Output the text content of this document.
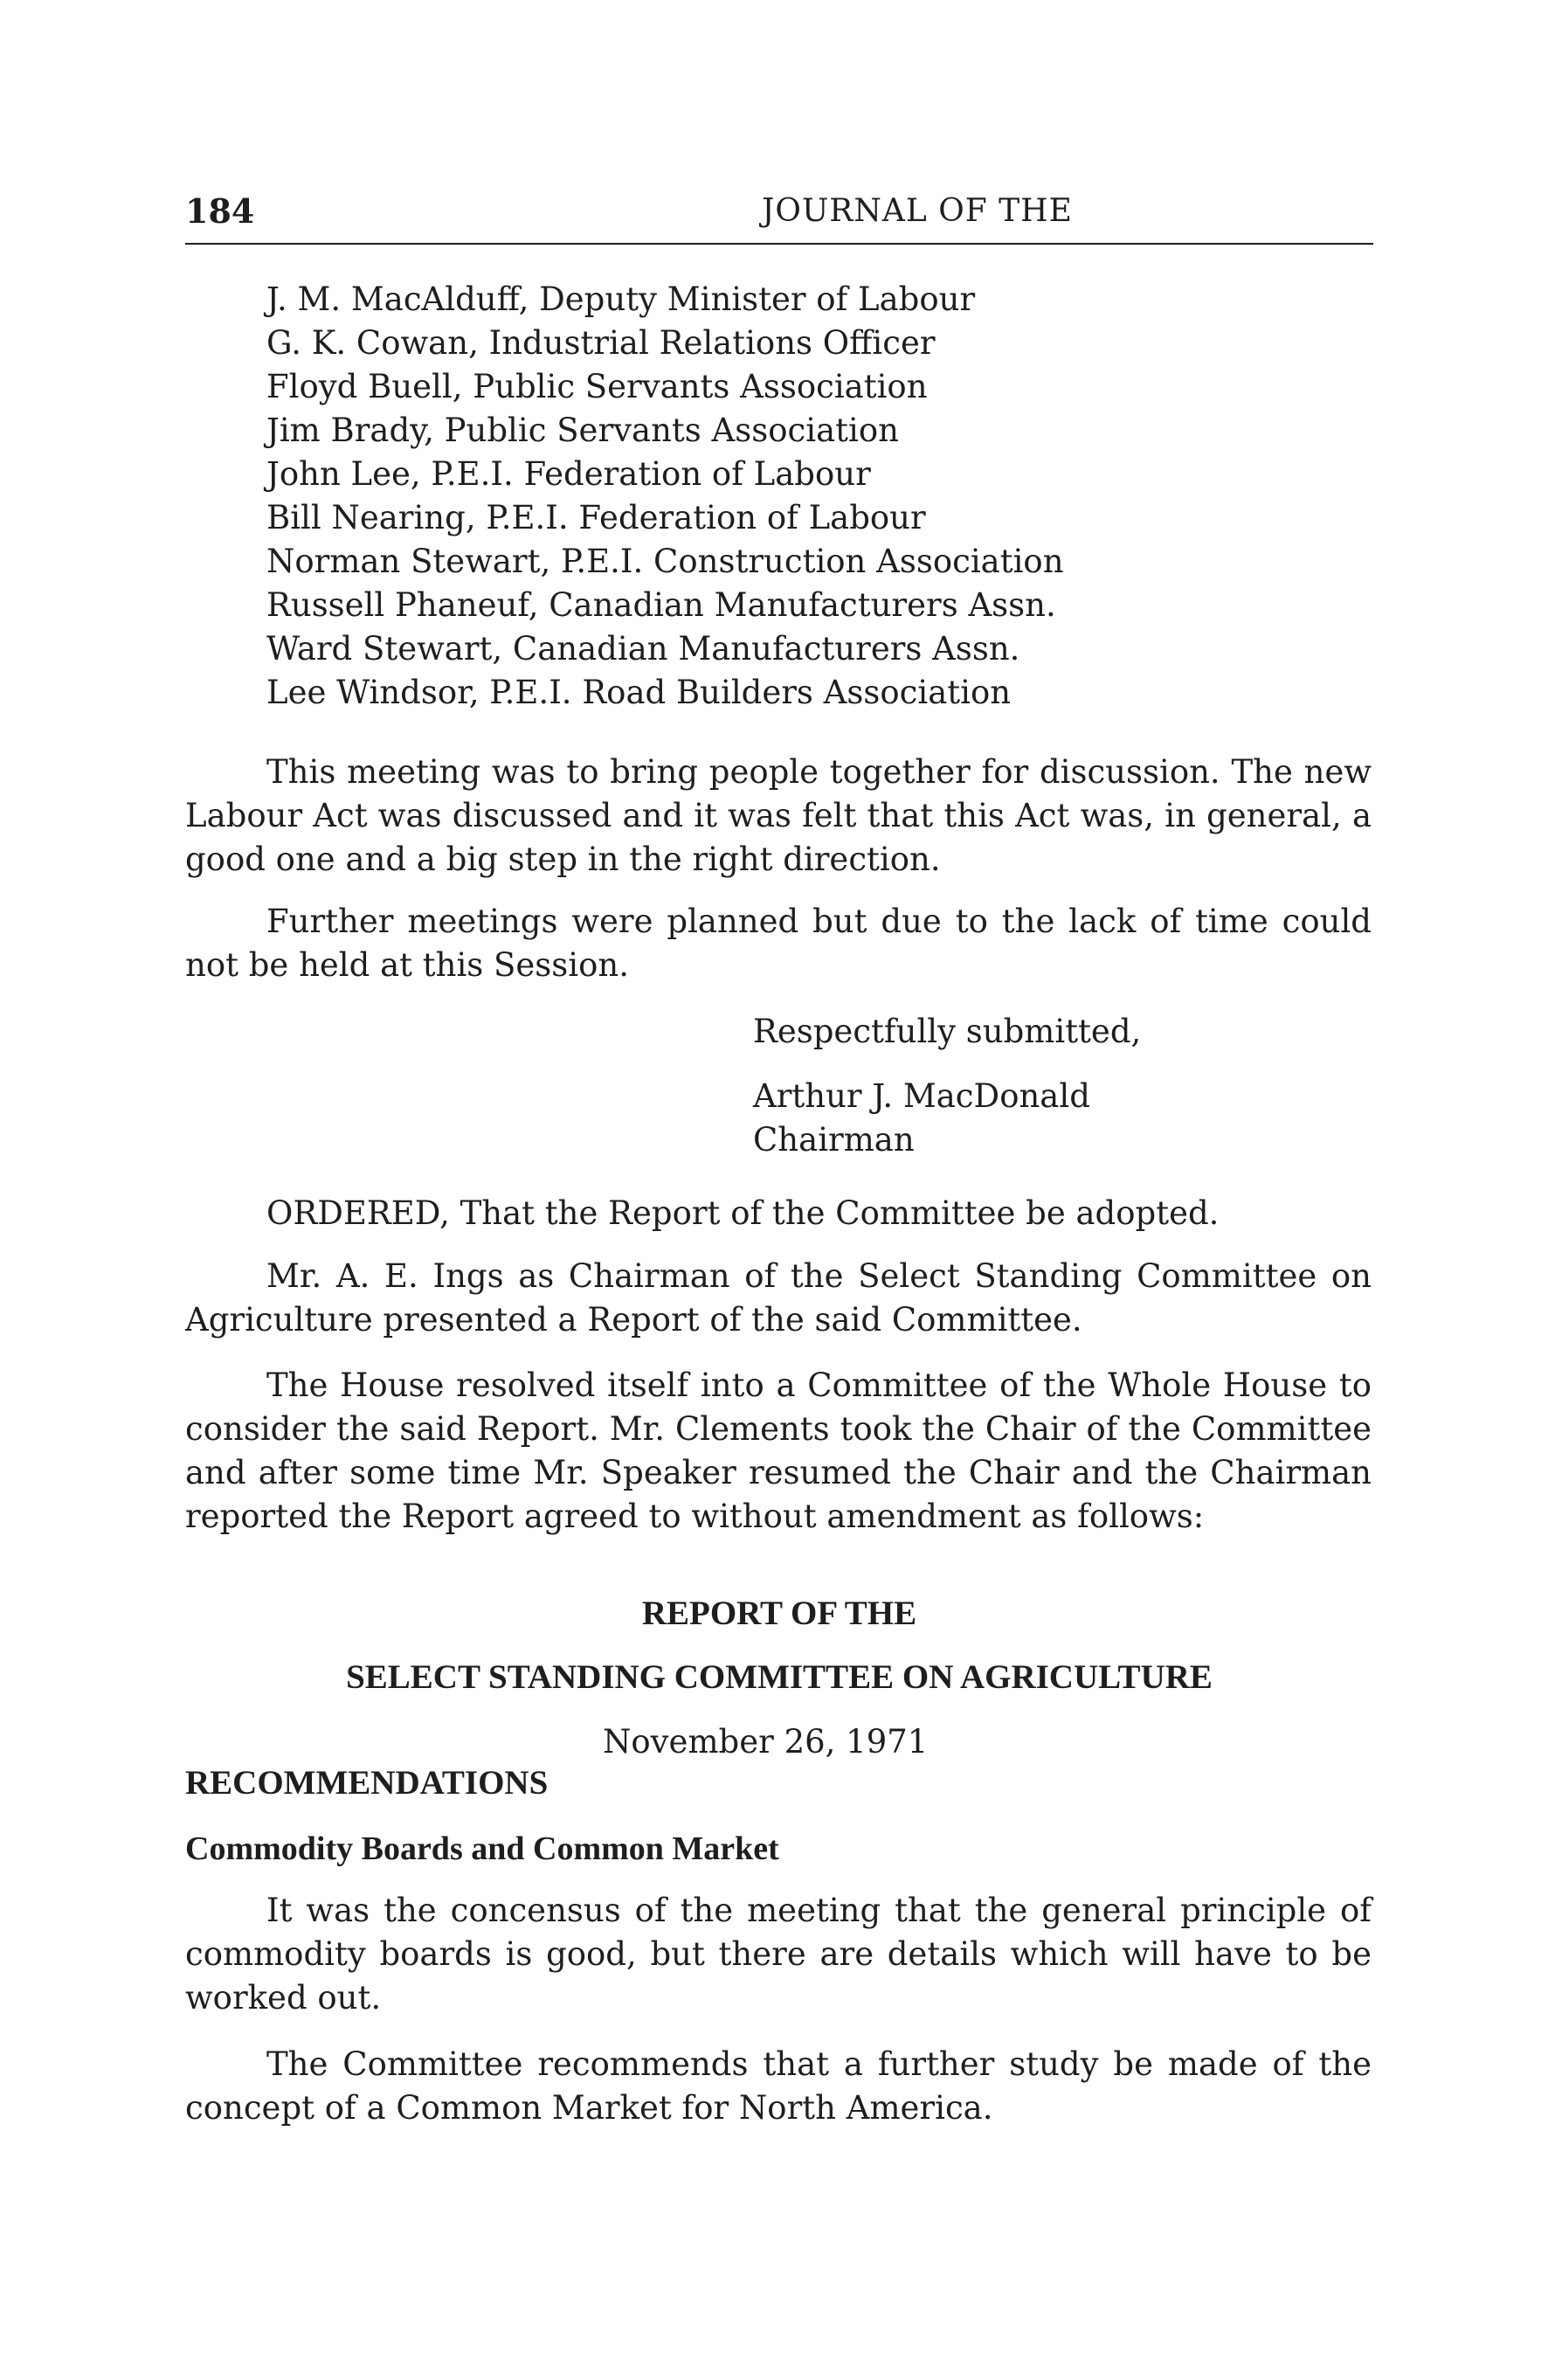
184	JOURNAL OF THE
J. M. MacAlduff, Deputy Minister of Labour
G. K. Cowan, Industrial Relations Officer
Floyd Buell, Public Servants Association
Jim Brady, Public Servants Association
John Lee, P.E.I. Federation of Labour
Bill Nearing, P.E.I. Federation of Labour
Norman Stewart, P.E.I. Construction Association
Russell Phaneuf, Canadian Manufacturers Assn.
Ward Stewart, Canadian Manufacturers Assn.
Lee Windsor, P.E.I. Road Builders Association
This meeting was to bring people together for discussion. The new Labour Act was discussed and it was felt that this Act was, in general, a good one and a big step in the right direction.
Further meetings were planned but due to the lack of time could not be held at this Session.
Respectfully submitted,
Arthur J. MacDonald
Chairman
ORDERED, That the Report of the Committee be adopted.
Mr. A. E. Ings as Chairman of the Select Standing Committee on Agriculture presented a Report of the said Committee.
The House resolved itself into a Committee of the Whole House to consider the said Report. Mr. Clements took the Chair of the Committee and after some time Mr. Speaker resumed the Chair and the Chairman reported the Report agreed to without amendment as follows:
REPORT OF THE
SELECT STANDING COMMITTEE ON AGRICULTURE
November 26, 1971
RECOMMENDATIONS
Commodity Boards and Common Market
It was the concensus of the meeting that the general principle of commodity boards is good, but there are details which will have to be worked out.
The Committee recommends that a further study be made of the concept of a Common Market for North America.
